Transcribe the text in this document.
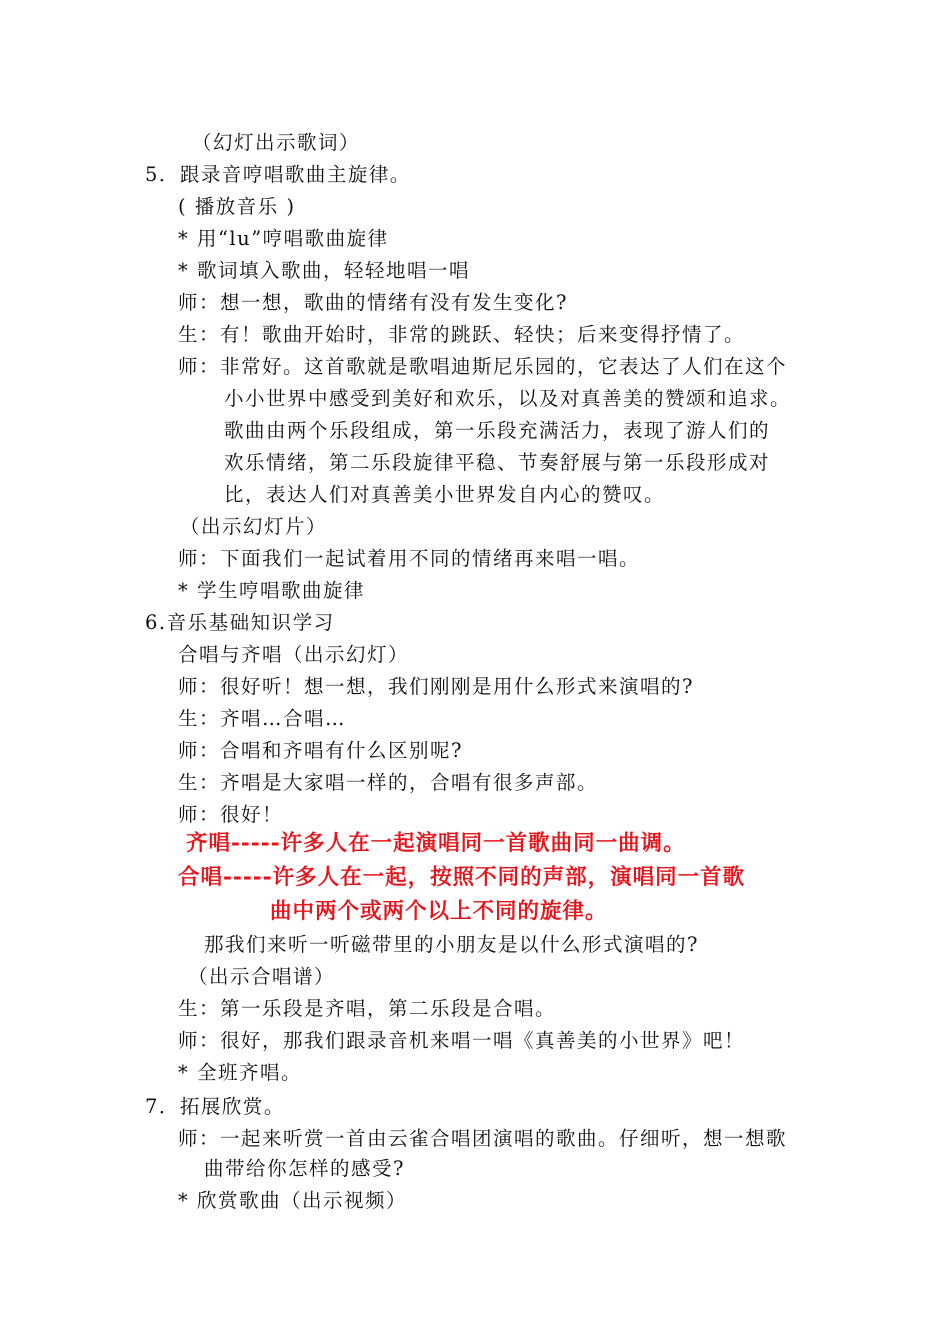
（幻灯出示歌词）
5．跟录音哼唱歌曲主旋律。
( 播放音乐 )
* 用“lu”哼唱歌曲旋律
* 歌词填入歌曲，轻轻地唱一唱
师：想一想，歌曲的情绪有没有发生变化?
生：有！歌曲开始时，非常的跳跃、轻快；后来变得抒情了。
师：非常好。这首歌就是歌唱迪斯尼乐园的，它表达了人们在这个
小小世界中感受到美好和欢乐，以及对真善美的赞颂和追求。
歌曲由两个乐段组成，第一乐段充满活力，表现了游人们的
欢乐情绪，第二乐段旋律平稳、节奏舒展与第一乐段形成对
比，表达人们对真善美小世界发自内心的赞叹。
（出示幻灯片）
师：下面我们一起试着用不同的情绪再来唱一唱。
* 学生哼唱歌曲旋律
6.音乐基础知识学习
合唱与齐唱（出示幻灯）
师：很好听！想一想，我们刚刚是用什么形式来演唱的?
生：齐唱…合唱…
师：合唱和齐唱有什么区别呢?
生：齐唱是大家唱一样的，合唱有很多声部。
师：很好！
齐唱-----许多人在一起演唱同一首歌曲同一曲调。
合唱-----许多人在一起，按照不同的声部，演唱同一首歌
曲中两个或两个以上不同的旋律。
那我们来听一听磁带里的小朋友是以什么形式演唱的?
（出示合唱谱）
生：第一乐段是齐唱，第二乐段是合唱。
师：很好，那我们跟录音机来唱一唱《真善美的小世界》吧！
* 全班齐唱。
7．拓展欣赏。
师：一起来听赏一首由云雀合唱团演唱的歌曲。仔细听，想一想歌
曲带给你怎样的感受?
* 欣赏歌曲（出示视频）
